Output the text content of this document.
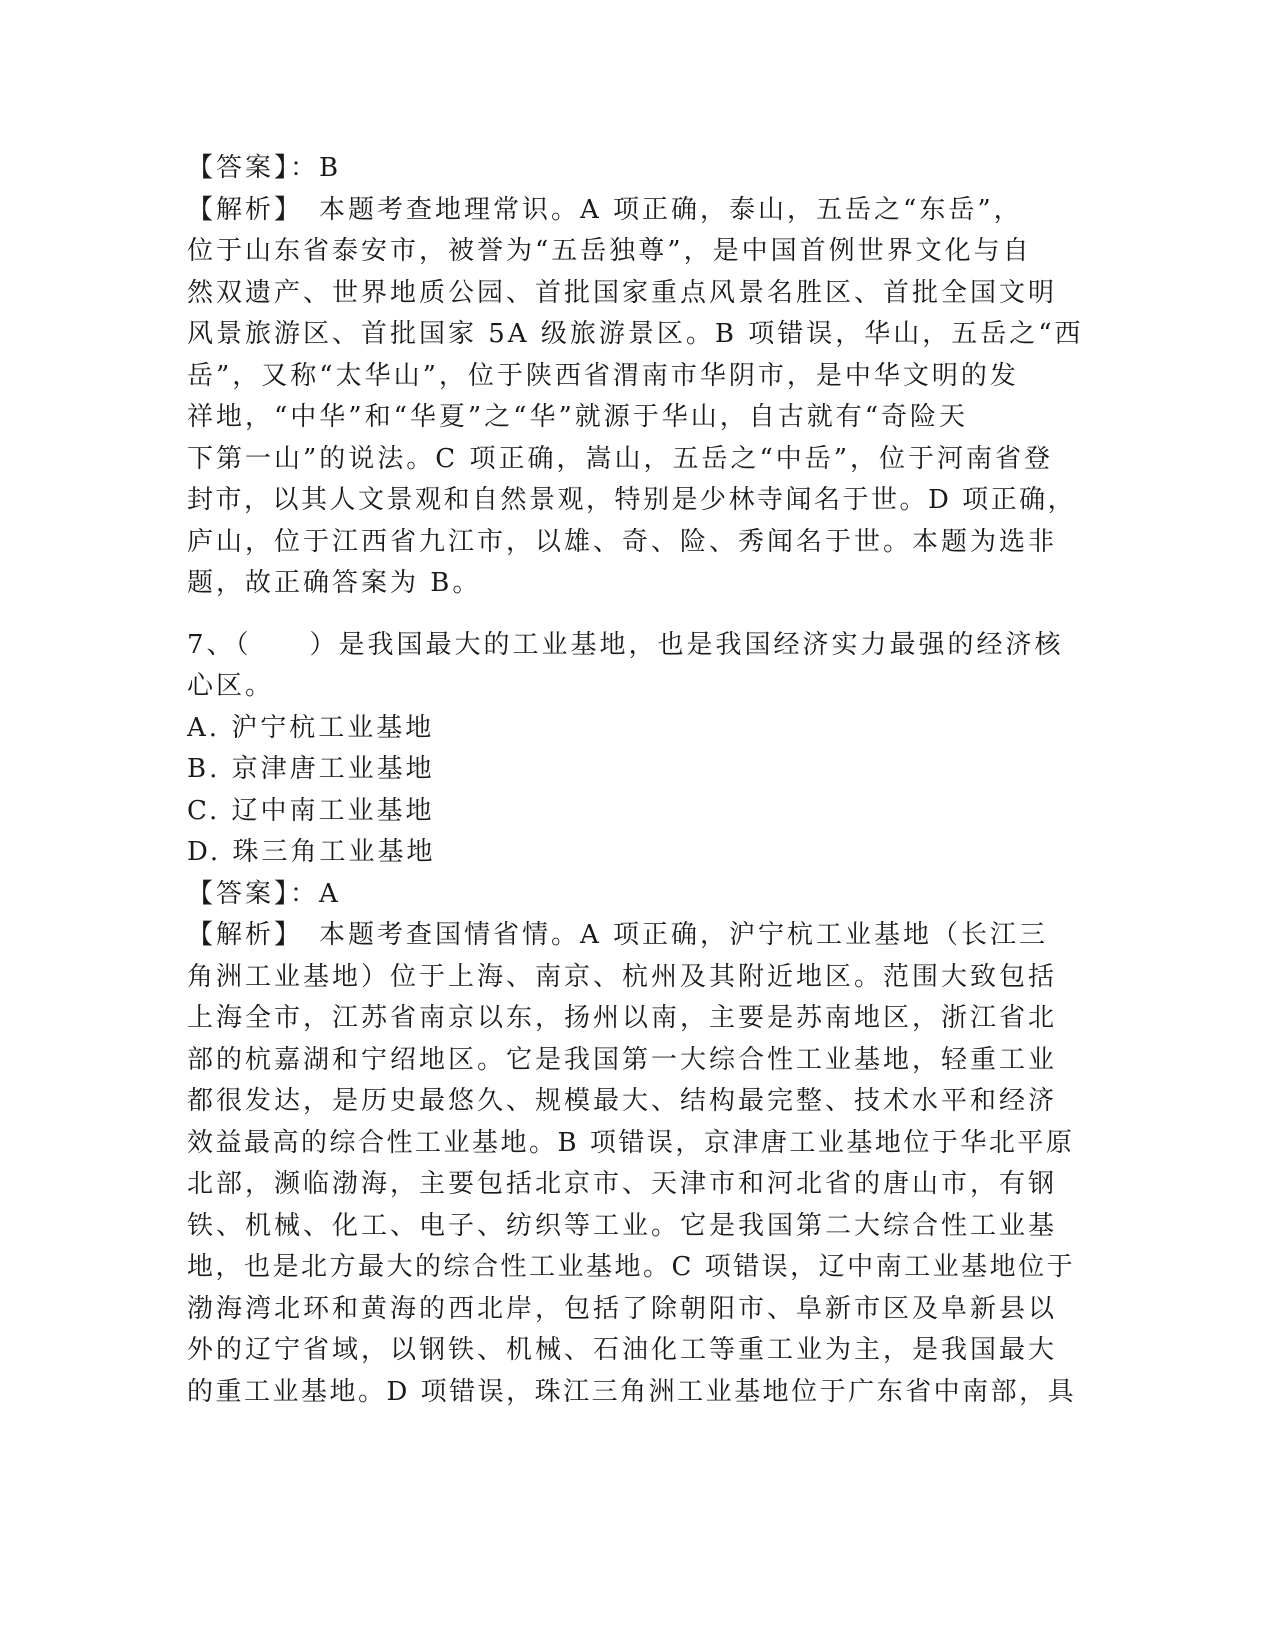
【答案】：B
【解析】　本题考查地理常识。A 项正确，泰山，五岳之“东岳”，
位于山东省泰安市，被誉为“五岳独尊”，是中国首例世界文化与自
然双遗产、世界地质公园、首批国家重点风景名胜区、首批全国文明
风景旅游区、首批国家 5A 级旅游景区。B 项错误，华山，五岳之“西
岳”，又称“太华山”，位于陕西省渭南市华阴市，是中华文明的发
祥地，“中华”和“华夏”之“华”就源于华山，自古就有“奇险天
下第一山”的说法。C 项正确，嵩山，五岳之“中岳”，位于河南省登
封市，以其人文景观和自然景观，特别是少林寺闻名于世。D 项正确，
庐山，位于江西省九江市，以雄、奇、险、秀闻名于世。本题为选非
题，故正确答案为 B。
7、（　　）是我国最大的工业基地，也是我国经济实力最强的经济核
心区。
A. 沪宁杭工业基地
B. 京津唐工业基地
C. 辽中南工业基地
D. 珠三角工业基地
【答案】：A
【解析】　本题考查国情省情。A 项正确，沪宁杭工业基地（长江三
角洲工业基地）位于上海、南京、杭州及其附近地区。范围大致包括
上海全市，江苏省南京以东，扬州以南，主要是苏南地区，浙江省北
部的杭嘉湖和宁绍地区。它是我国第一大综合性工业基地，轻重工业
都很发达，是历史最悠久、规模最大、结构最完整、技术水平和经济
效益最高的综合性工业基地。B 项错误，京津唐工业基地位于华北平原
北部，濒临渤海，主要包括北京市、天津市和河北省的唐山市，有钢
铁、机械、化工、电子、纺织等工业。它是我国第二大综合性工业基
地，也是北方最大的综合性工业基地。C 项错误，辽中南工业基地位于
渤海湾北环和黄海的西北岸，包括了除朝阳市、阜新市区及阜新县以
外的辽宁省域，以钢铁、机械、石油化工等重工业为主，是我国最大
的重工业基地。D 项错误，珠江三角洲工业基地位于广东省中南部，具
